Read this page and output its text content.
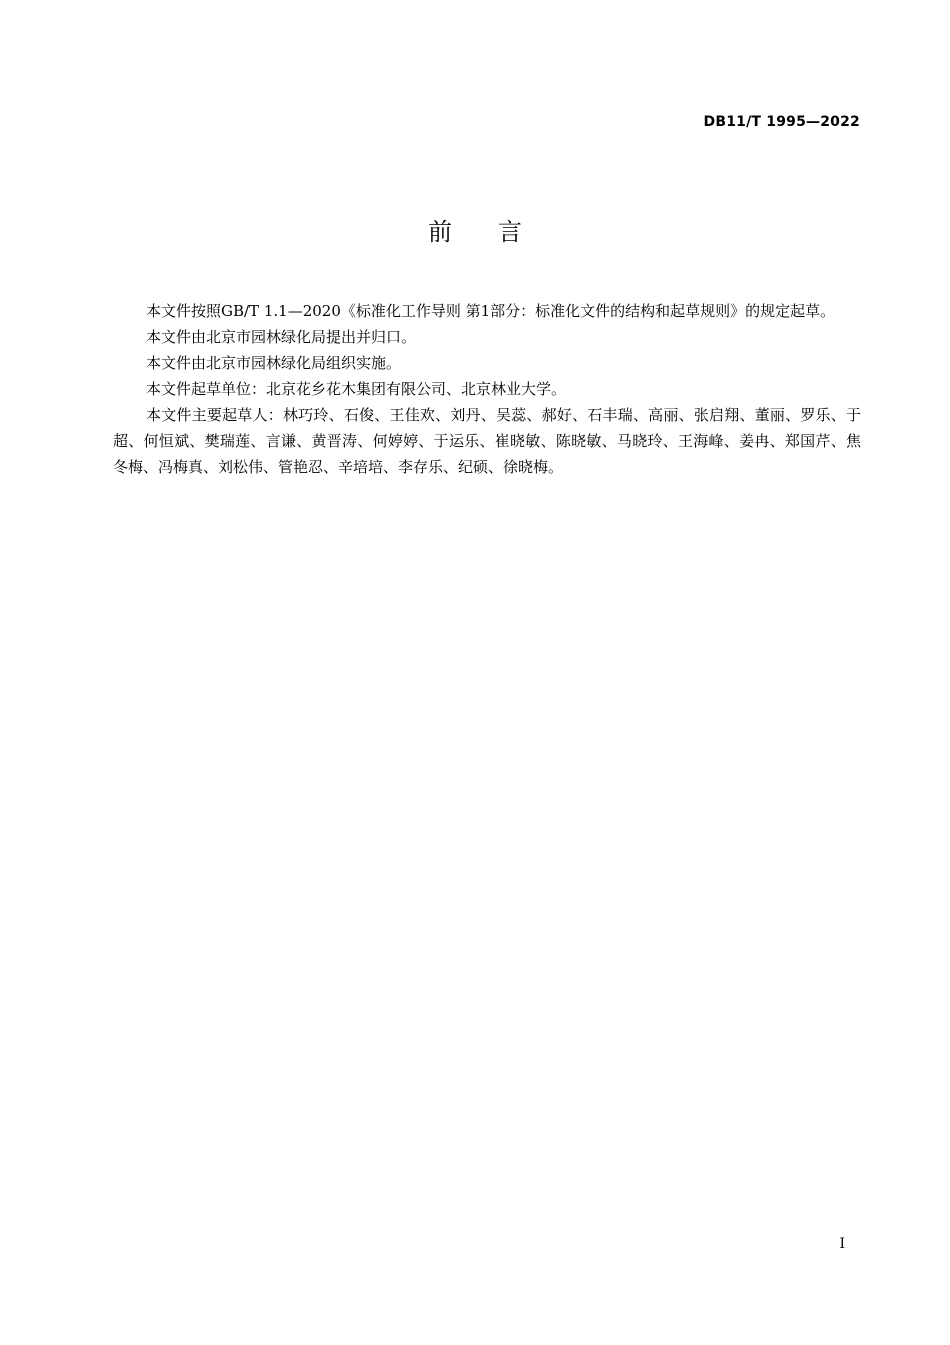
DB11/T 1995—2022
前言

本文件按照GB/T 1.1—2020《标准化工作导则 第1部分：标准化文件的结构和起草规则》的规定起草。

本文件由北京市园林绿化局提出并归口。

本文件由北京市园林绿化局组织实施。

本文件起草单位：北京花乡花木集团有限公司、北京林业大学。

本文件主要起草人：林巧玲、石俊、王佳欢、刘丹、吴蕊、郝好、石丰瑞、高丽、张启翔、董丽、罗乐、于超、何恒斌、樊瑞莲、言谦、黄晋涛、何婷婷、于运乐、崔晓敏、陈晓敏、马晓玲、王海峰、姜冉、郑国芹、焦冬梅、冯梅真、刘松伟、管艳忍、辛培培、李存乐、纪硕、徐晓梅。

I
